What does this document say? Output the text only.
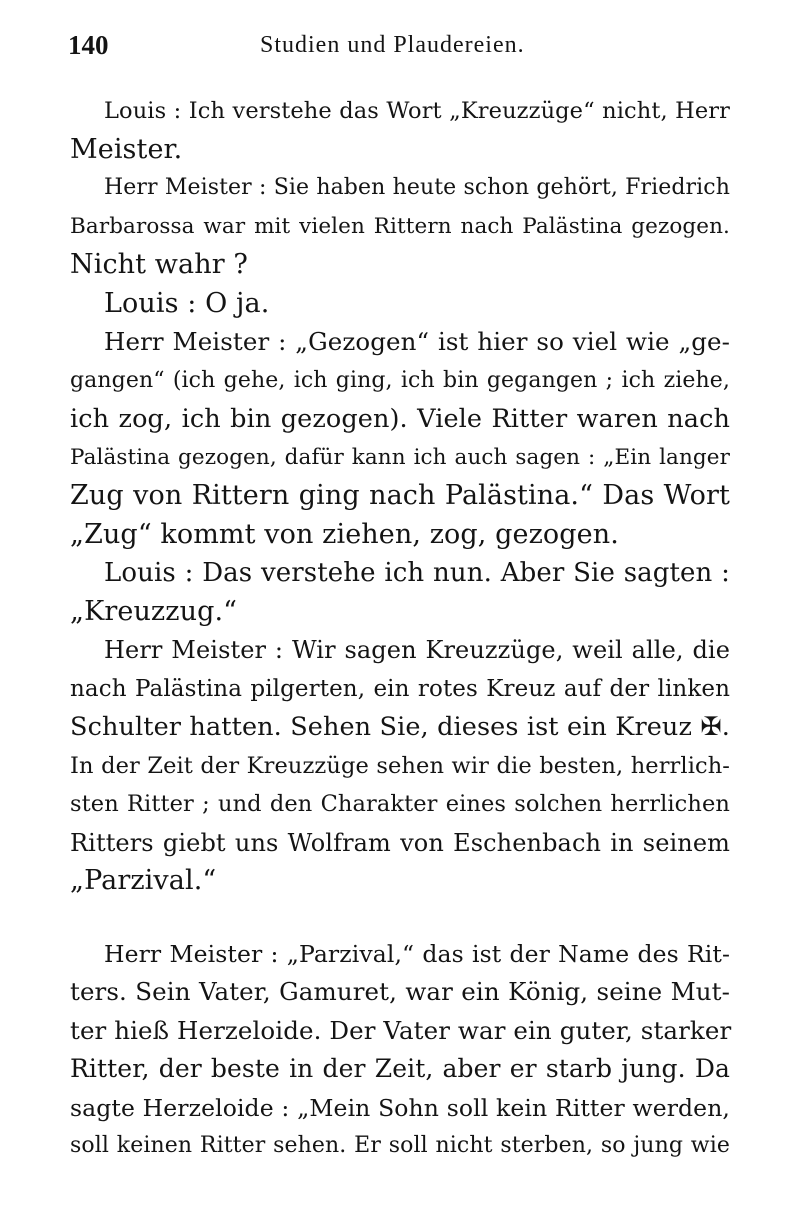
140	Studien und Plaudereien.
Louis : Ich verstehe das Wort „Kreuzzüge“ nicht, Herr
Meister.
Herr Meister : Sie haben heute schon gehört, Friedrich
Barbarossa war mit vielen Rittern nach Palästina gezogen.
Nicht wahr ?
Louis : O ja.
Herr Meister : „Gezogen“ ist hier so viel wie „ge-
gangen“ (ich gehe, ich ging, ich bin gegangen ; ich ziehe,
ich zog, ich bin gezogen). Viele Ritter waren nach
Palästina gezogen, dafür kann ich auch sagen : „Ein langer
Zug von Rittern ging nach Palästina.“ Das Wort
„Zug“ kommt von ziehen, zog, gezogen.
Louis : Das verstehe ich nun. Aber Sie sagten :
„Kreuzzug.“
Herr Meister : Wir sagen Kreuzzüge, weil alle, die
nach Palästina pilgerten, ein rotes Kreuz auf der linken
Schulter hatten. Sehen Sie, dieses ist ein Kreuz ✠.
In der Zeit der Kreuzzüge sehen wir die besten, herrlich-
sten Ritter ; und den Charakter eines solchen herrlichen
Ritters giebt uns Wolfram von Eschenbach in seinem
„Parzival.“
Herr Meister : „Parzival,“ das ist der Name des Rit-
ters. Sein Vater, Gamuret, war ein König, seine Mut-
ter hieß Herzeloide. Der Vater war ein guter, starker
Ritter, der beste in der Zeit, aber er starb jung. Da
sagte Herzeloide : „Mein Sohn soll kein Ritter werden,
soll keinen Ritter sehen. Er soll nicht sterben, so jung wie
